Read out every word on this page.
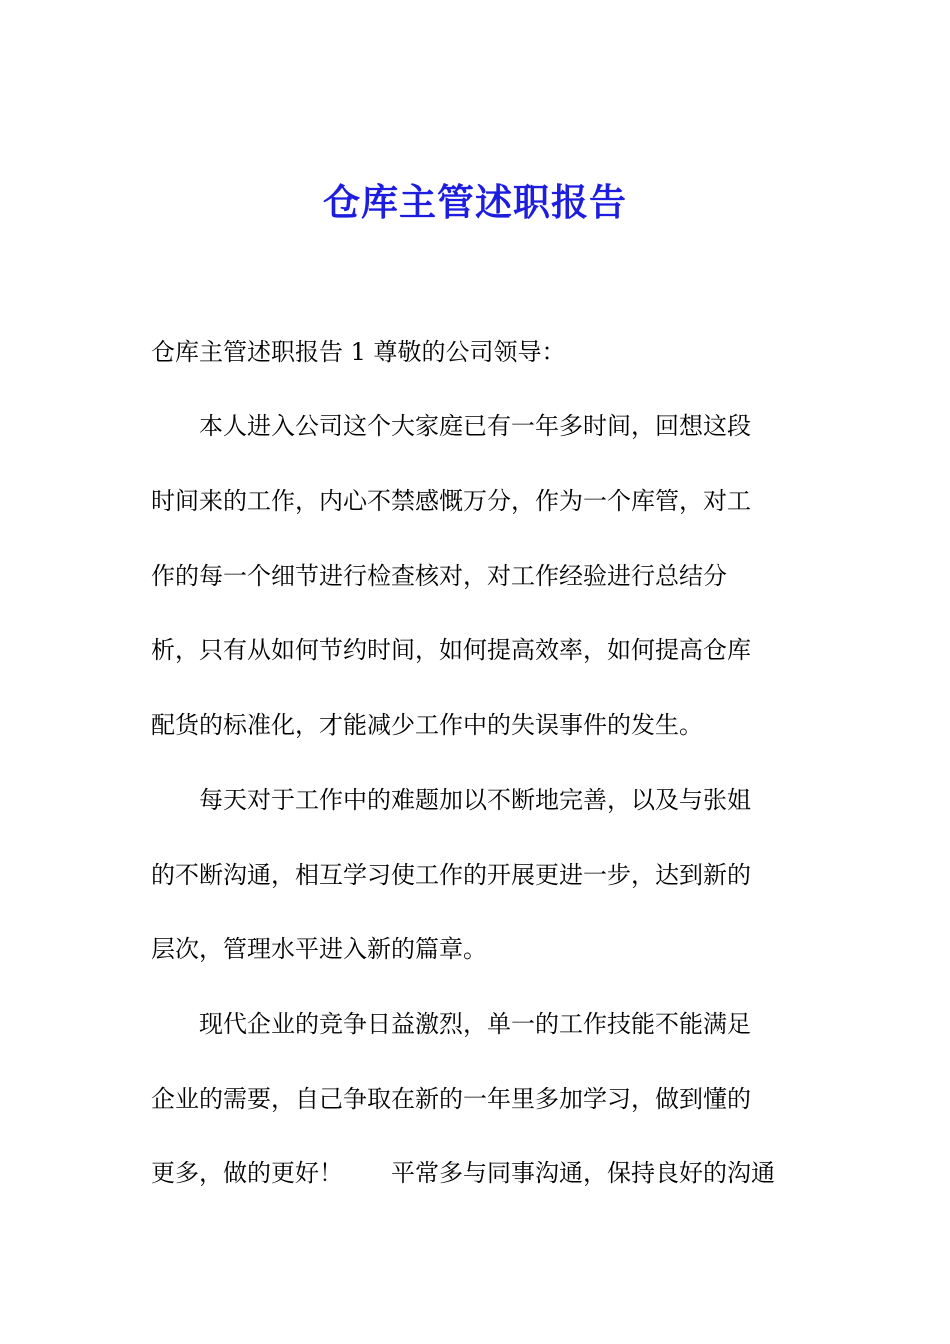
仓库主管述职报告
仓库主管述职报告 1 尊敬的公司领导：
　　本人进入公司这个大家庭已有一年多时间，回想这段
时间来的工作，内心不禁感慨万分，作为一个库管，对工
作的每一个细节进行检查核对，对工作经验进行总结分
析，只有从如何节约时间，如何提高效率，如何提高仓库
配货的标准化，才能减少工作中的失误事件的发生。
　　每天对于工作中的难题加以不断地完善，以及与张姐
的不断沟通，相互学习使工作的开展更进一步，达到新的
层次，管理水平进入新的篇章。
　　现代企业的竞争日益激烈，单一的工作技能不能满足
企业的需要，自己争取在新的一年里多加学习，做到懂的
更多，做的更好！　　平常多与同事沟通，保持良好的沟通
